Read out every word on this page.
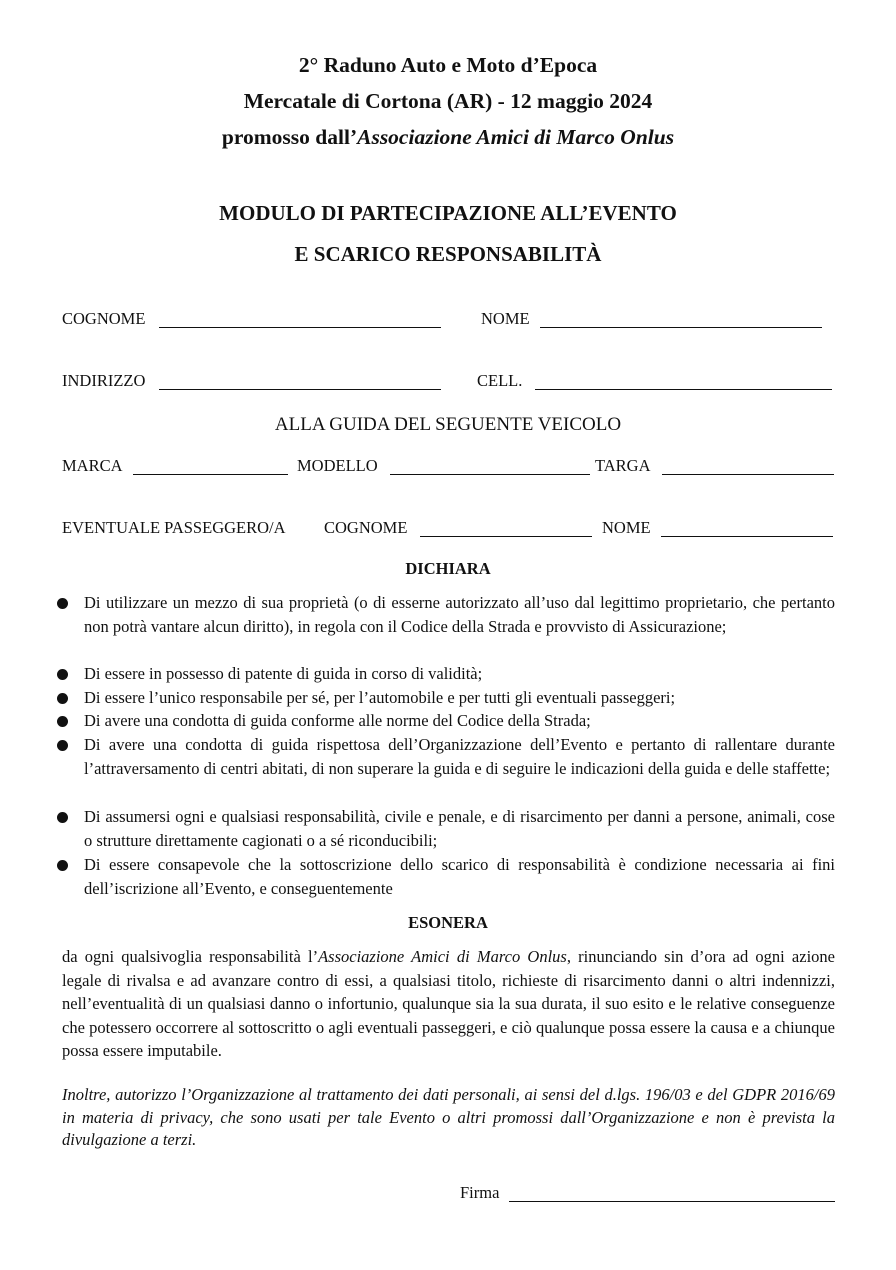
2° Raduno Auto e Moto d’Epoca
Mercatale di Cortona (AR) - 12 maggio 2024
promosso dall’Associazione Amici di Marco Onlus
MODULO DI PARTECIPAZIONE ALL’EVENTO
E SCARICO RESPONSABILITÀ
COGNOME	NOME
INDIRIZZO	CELL.
ALLA GUIDA DEL SEGUENTE VEICOLO
MARCA	MODELLO	TARGA
EVENTUALE PASSEGGERO/A COGNOME	NOME
DICHIARA
Di utilizzare un mezzo di sua proprietà (o di esserne autorizzato all’uso dal legittimo proprietario, che pertanto non potrà vantare alcun diritto), in regola con il Codice della Strada e provvisto di Assicurazione;
Di essere in possesso di patente di guida in corso di validità;
Di essere l’unico responsabile per sé, per l’automobile e per tutti gli eventuali passeggeri;
Di avere una condotta di guida conforme alle norme del Codice della Strada;
Di avere una condotta di guida rispettosa dell’Organizzazione dell’Evento e pertanto di rallentare durante l’attraversamento di centri abitati, di non superare la guida e di seguire le indicazioni della guida e delle staffette;
Di assumersi ogni e qualsiasi responsabilità, civile e penale, e di risarcimento per danni a persone, animali, cose o strutture direttamente cagionati o a sé riconducibili;
Di essere consapevole che la sottoscrizione dello scarico di responsabilità è condizione necessaria ai fini dell’iscrizione all’Evento, e conseguentemente
ESONERA
da ogni qualsivoglia responsabilità l’Associazione Amici di Marco Onlus, rinunciando sin d’ora ad ogni azione legale di rivalsa e ad avanzare contro di essi, a qualsiasi titolo, richieste di risarcimento danni o altri indennizzi, nell’eventualità di un qualsiasi danno o infortunio, qualunque sia la sua durata, il suo esito e le relative conseguenze che potessero occorrere al sottoscritto o agli eventuali passeggeri, e ciò qualunque possa essere la causa e a chiunque possa essere imputabile.
Inoltre, autorizzo l’Organizzazione al trattamento dei dati personali, ai sensi del d.lgs. 196/03 e del GDPR 2016/69 in materia di privacy, che sono usati per tale Evento o altri promossi dall’Organizzazione e non è prevista la divulgazione a terzi.
Firma
